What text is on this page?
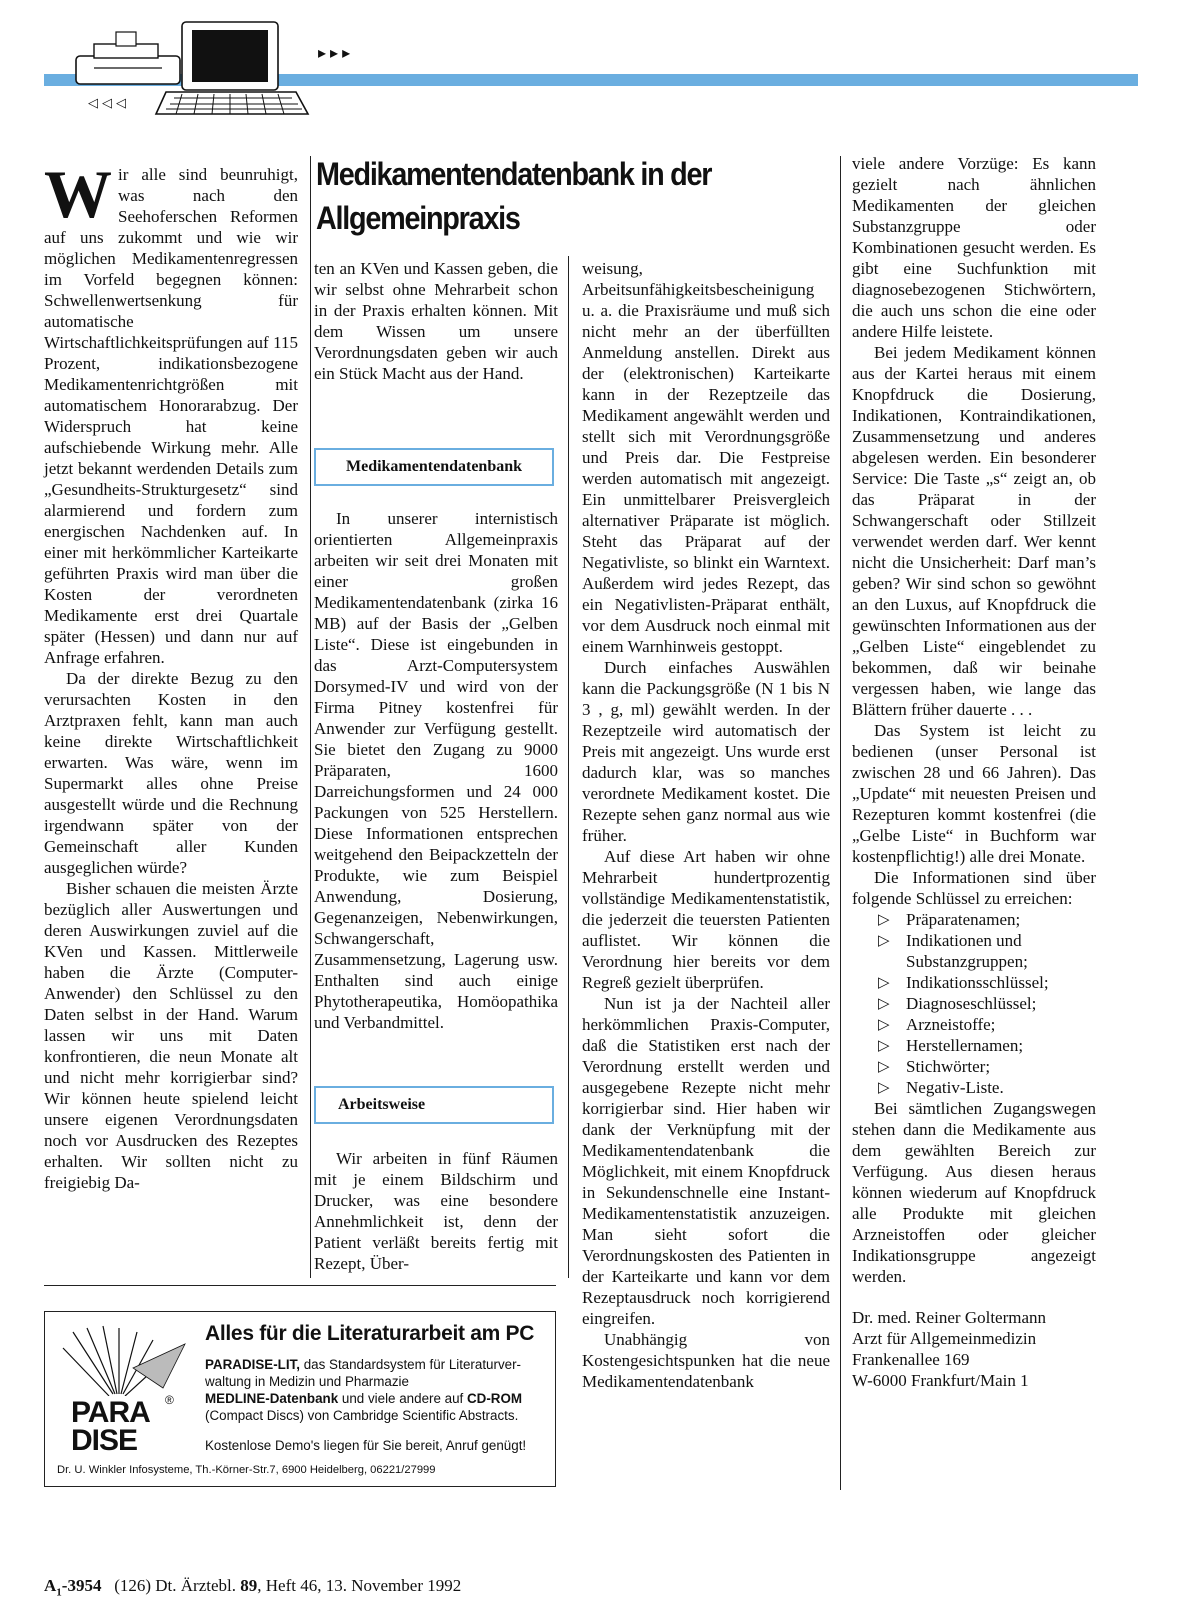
▸▸▸
◁◁◁
W ir alle sind beunruhigt, was nach den Seehoferschen Reformen auf uns zukommt und wie wir möglichen Medikamentenregressen im Vorfeld begegnen können: Schwellenwertsenkung für automatische Wirtschaftlichkeitsprüfungen auf 115 Prozent, indikationsbezogene Medikamentenrichtgrößen mit automatischem Honorarabzug. Der Widerspruch hat keine aufschiebende Wirkung mehr. Alle jetzt bekannt werdenden Details zum „Gesundheits-Strukturgesetz“ sind alarmierend und fordern zum energischen Nachdenken auf. In einer mit herkömmlicher Karteikarte geführten Praxis wird man über die Kosten der verordneten Medikamente erst drei Quartale später (Hessen) und dann nur auf Anfrage erfahren.

Da der direkte Bezug zu den verursachten Kosten in den Arztpraxen fehlt, kann man auch keine direkte Wirtschaftlichkeit erwarten. Was wäre, wenn im Supermarkt alles ohne Preise ausgestellt würde und die Rechnung irgendwann später von der Gemeinschaft aller Kunden ausgeglichen würde?

Bisher schauen die meisten Ärzte bezüglich aller Auswertungen und deren Auswirkungen zuviel auf die KVen und Kassen. Mittlerweile haben die Ärzte (Computer-Anwender) den Schlüssel zu den Daten selbst in der Hand. Warum lassen wir uns mit Daten konfrontieren, die neun Monate alt und nicht mehr korrigierbar sind? Wir können heute spielend leicht unsere eigenen Verordnungsdaten noch vor Ausdrucken des Rezeptes erhalten. Wir sollten nicht zu freigiebig Da-

Medikamentendatenbank in der
Allgemeinpraxis

ten an KVen und Kassen geben, die wir selbst ohne Mehrarbeit schon in der Praxis erhalten können. Mit dem Wissen um unsere Verordnungsdaten geben wir auch ein Stück Macht aus der Hand.

Medikamentendatenbank

In unserer internistisch orientierten Allgemeinpraxis arbeiten wir seit drei Monaten mit einer großen Medikamentendatenbank (zirka 16 MB) auf der Basis der „Gelben Liste“. Diese ist eingebunden in das Arzt-Computersystem Dorsymed-IV und wird von der Firma Pitney kostenfrei für Anwender zur Verfügung gestellt. Sie bietet den Zugang zu 9000 Präparaten, 1600 Darreichungsformen und 24 000 Packungen von 525 Herstellern. Diese Informationen entsprechen weitgehend den Beipackzetteln der Produkte, wie zum Beispiel Anwendung, Dosierung, Gegenanzeigen, Nebenwirkungen, Schwangerschaft, Zusammensetzung, Lagerung usw. Enthalten sind auch einige Phytotherapeutika, Homöopathika und Verbandmittel.

Arbeitsweise

Wir arbeiten in fünf Räumen mit je einem Bildschirm und Drucker, was eine besondere Annehmlichkeit ist, denn der Patient verläßt bereits fertig mit Rezept, Über-

weisung, Arbeitsunfähigkeitsbescheinigung u. a. die Praxisräume und muß sich nicht mehr an der überfüllten Anmeldung anstellen. Direkt aus der (elektronischen) Karteikarte kann in der Rezeptzeile das Medikament angewählt werden und stellt sich mit Verordnungsgröße und Preis dar. Die Festpreise werden automatisch mit angezeigt. Ein unmittelbarer Preisvergleich alternativer Präparate ist möglich. Steht das Präparat auf der Negativliste, so blinkt ein Warntext. Außerdem wird jedes Rezept, das ein Negativlisten-Präparat enthält, vor dem Ausdruck noch einmal mit einem Warnhinweis gestoppt.

Durch einfaches Auswählen kann die Packungsgröße (N 1 bis N 3 , g, ml) gewählt werden. In der Rezeptzeile wird automatisch der Preis mit angezeigt. Uns wurde erst dadurch klar, was so manches verordnete Medikament kostet. Die Rezepte sehen ganz normal aus wie früher.

Auf diese Art haben wir ohne Mehrarbeit hundertprozentig vollständige Medikamentenstatistik, die jederzeit die teuersten Patienten auflistet. Wir können die Verordnung hier bereits vor dem Regreß gezielt überprüfen.

Nun ist ja der Nachteil aller herkömmlichen Praxis-Computer, daß die Statistiken erst nach der Verordnung erstellt werden und ausgegebene Rezepte nicht mehr korrigierbar sind. Hier haben wir dank der Verknüpfung mit der Medikamentendatenbank die Möglichkeit, mit einem Knopfdruck in Sekundenschnelle eine Instant-Medikamentenstatistik anzuzeigen. Man sieht sofort die Verordnungskosten des Patienten in der Karteikarte und kann vor dem Rezeptausdruck noch korrigierend eingreifen.

Unabhängig von Kostengesichtspunken hat die neue Medikamentendatenbank

viele andere Vorzüge: Es kann gezielt nach ähnlichen Medikamenten der gleichen Substanzgruppe oder Kombinationen gesucht werden. Es gibt eine Suchfunktion mit diagnosebezogenen Stichwörtern, die auch uns schon die eine oder andere Hilfe leistete.

Bei jedem Medikament können aus der Kartei heraus mit einem Knopfdruck die Dosierung, Indikationen, Kontraindikationen, Zusammensetzung und anderes abgelesen werden. Ein besonderer Service: Die Taste „s“ zeigt an, ob das Präparat in der Schwangerschaft oder Stillzeit verwendet werden darf. Wer kennt nicht die Unsicherheit: Darf man’s geben? Wir sind schon so gewöhnt an den Luxus, auf Knopfdruck die gewünschten Informationen aus der „Gelben Liste“ eingeblendet zu bekommen, daß wir beinahe vergessen haben, wie lange das Blättern früher dauerte . . .

Das System ist leicht zu bedienen (unser Personal ist zwischen 28 und 66 Jahren). Das „Update“ mit neuesten Preisen und Rezepturen kommt kostenfrei (die „Gelbe Liste“ in Buchform war kostenpflichtig!) alle drei Monate.

Die Informationen sind über folgende Schlüssel zu erreichen:

▷ Präparatenamen;
▷ Indikationen und Substanzgruppen;
▷ Indikationsschlüssel;
▷ Diagnoseschlüssel;
▷ Arzneistoffe;
▷ Herstellernamen;
▷ Stichwörter;
▷ Negativ-Liste.

Bei sämtlichen Zugangswegen stehen dann die Medikamente aus dem gewählten Bereich zur Verfügung. Aus diesen heraus können wiederum auf Knopfdruck alle Produkte mit gleichen Arzneistoffen oder gleicher Indikationsgruppe angezeigt werden.

Dr. med. Reiner Goltermann
Arzt für Allgemeinmedizin
Frankenallee 169
W-6000 Frankfurt/Main 1
PARA
DISE
®
Alles für die Literaturarbeit am PC
PARADISE-LIT, das Standardsystem für Literaturver-
waltung in Medizin und Pharmazie
MEDLINE-Datenbank und viele andere auf CD-ROM
(Compact Discs) von Cambridge Scientific Abstracts.
Kostenlose Demo's liegen für Sie bereit, Anruf genügt!
Dr. U. Winkler Infosysteme, Th.-Körner-Str.7, 6900 Heidelberg, 06221/27999
$A_1-3954$ (126) Dt. Ärztebl. 89, Heft 46, 13. November 1992
